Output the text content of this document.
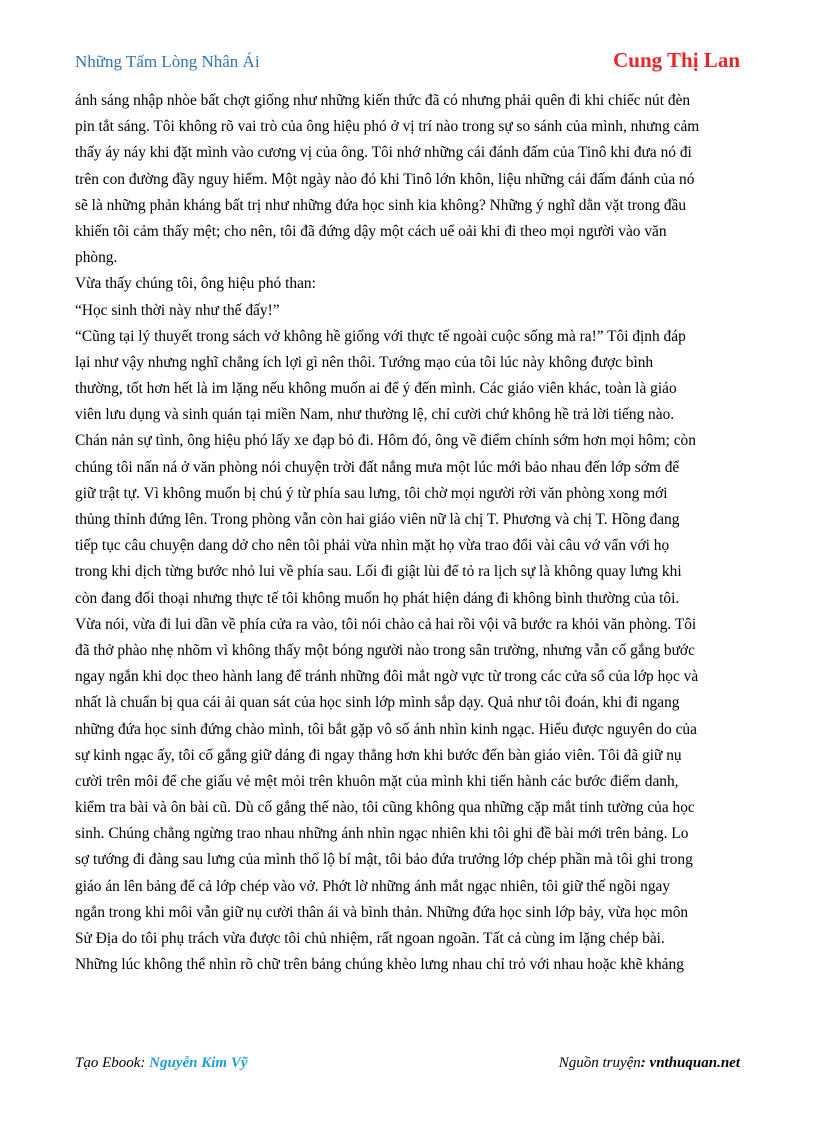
Những Tấm Lòng Nhân Ái	Cung Thị Lan
ánh sáng nhập nhòe bất chợt giống như những kiến thức đã có nhưng phải quên đi khi chiếc nút đèn
pin tắt sáng. Tôi không rõ vai trò của ông hiệu phó ở vị trí nào trong sự so sánh của mình, nhưng cảm
thấy áy náy khi đặt mình vào cương vị của ông. Tôi nhớ những cái đánh đấm của Tinô khi đưa nó đi
trên con đường đầy nguy hiểm. Một ngày nào đó khi Tinô lớn khôn, liệu những cái đấm đánh của nó
sẽ là những phản kháng bất trị như những đứa học sinh kia không? Những ý nghĩ dằn vặt trong đầu
khiến tôi cảm thấy mệt; cho nên, tôi đã đứng dậy một cách uể oải khi đi theo mọi người vào văn
phòng.
Vừa thấy chúng tôi, ông hiệu phó than:
“Học sinh thời này như thế đấy!”
“Cũng tại lý thuyết trong sách vở không hề giống với thực tế ngoài cuộc sống mà ra!” Tôi định đáp
lại như vậy nhưng nghĩ chẳng ích lợi gì nên thôi. Tướng mạo của tôi lúc này không được bình
thường, tốt hơn hết là im lặng nếu không muốn ai để ý đến mình. Các giáo viên khác, toàn là giáo
viên lưu dụng và sinh quán tại miền Nam, như thường lệ, chỉ cười chứ không hề trả lời tiếng nào.
Chán nản sự tình, ông hiệu phó lấy xe đạp bỏ đi. Hôm đó, ông về điểm chính sớm hơn mọi hôm; còn
chúng tôi nấn ná ở văn phòng nói chuyện trời đất nắng mưa một lúc mới bảo nhau đến lớp sớm để
giữ trật tự. Vì không muốn bị chú ý từ phía sau lưng, tôi chờ mọi người rời văn phòng xong mới
thủng thỉnh đứng lên. Trong phòng vẫn còn hai giáo viên nữ là chị T. Phương và chị T. Hồng đang
tiếp tục câu chuyện dang dở cho nên tôi phải vừa nhìn mặt họ vừa trao đổi vài câu vớ vẩn với họ
trong khi dịch từng bước nhỏ lui về phía sau. Lối đi giật lùi để tỏ ra lịch sự là không quay lưng khi
còn đang đối thoại nhưng thực tế tôi không muốn họ phát hiện dáng đi không bình thường của tôi.
Vừa nói, vừa đi lui dần về phía cửa ra vào, tôi nói chào cả hai rồi vội vã bước ra khỏi văn phòng. Tôi
đã thở phào nhẹ nhõm vì không thấy một bóng người nào trong sân trường, nhưng vẫn cố gắng bước
ngay ngắn khi dọc theo hành lang để tránh những đôi mắt ngờ vực từ trong các cửa sổ của lớp học và
nhất là chuẩn bị qua cái ải quan sát của học sinh lớp mình sắp dạy. Quả như tôi đoán, khi đi ngang
những đứa học sinh đứng chào mình, tôi bắt gặp vô số ánh nhìn kinh ngạc. Hiểu được nguyên do của
sự kinh ngạc ấy, tôi cố gắng giữ dáng đi ngay thẳng hơn khi bước đến bàn giáo viên. Tôi đã giữ nụ
cười trên môi để che giấu vẻ mệt mỏi trên khuôn mặt của mình khi tiến hành các bước điểm danh,
kiểm tra bài và ôn bài cũ. Dù cố gắng thế nào, tôi cũng không qua những cặp mắt tinh tường của học
sinh. Chúng chẳng ngừng trao nhau những ánh nhìn ngạc nhiên khi tôi ghi đề bài mới trên bảng. Lo
sợ tướng đi đàng sau lưng của mình thố lộ bí mật, tôi bảo đứa trưởng lớp chép phần mà tôi ghi trong
giáo án lên bảng để cả lớp chép vào vở. Phớt lờ những ánh mắt ngạc nhiên, tôi giữ thế ngồi ngay
ngắn trong khi môi vẫn giữ nụ cười thân ái và bình thản. Những đứa học sinh lớp bảy, vừa học môn
Sử Địa do tôi phụ trách vừa được tôi chủ nhiệm, rất ngoan ngoãn. Tất cả cùng im lặng chép bài.
Những lúc không thể nhìn rõ chữ trên bảng chúng khèo lưng nhau chỉ trỏ với nhau hoặc khẽ khảng
Tạo Ebook: Nguyễn Kim Vỹ	Nguồn truyện: vnthuquan.net
